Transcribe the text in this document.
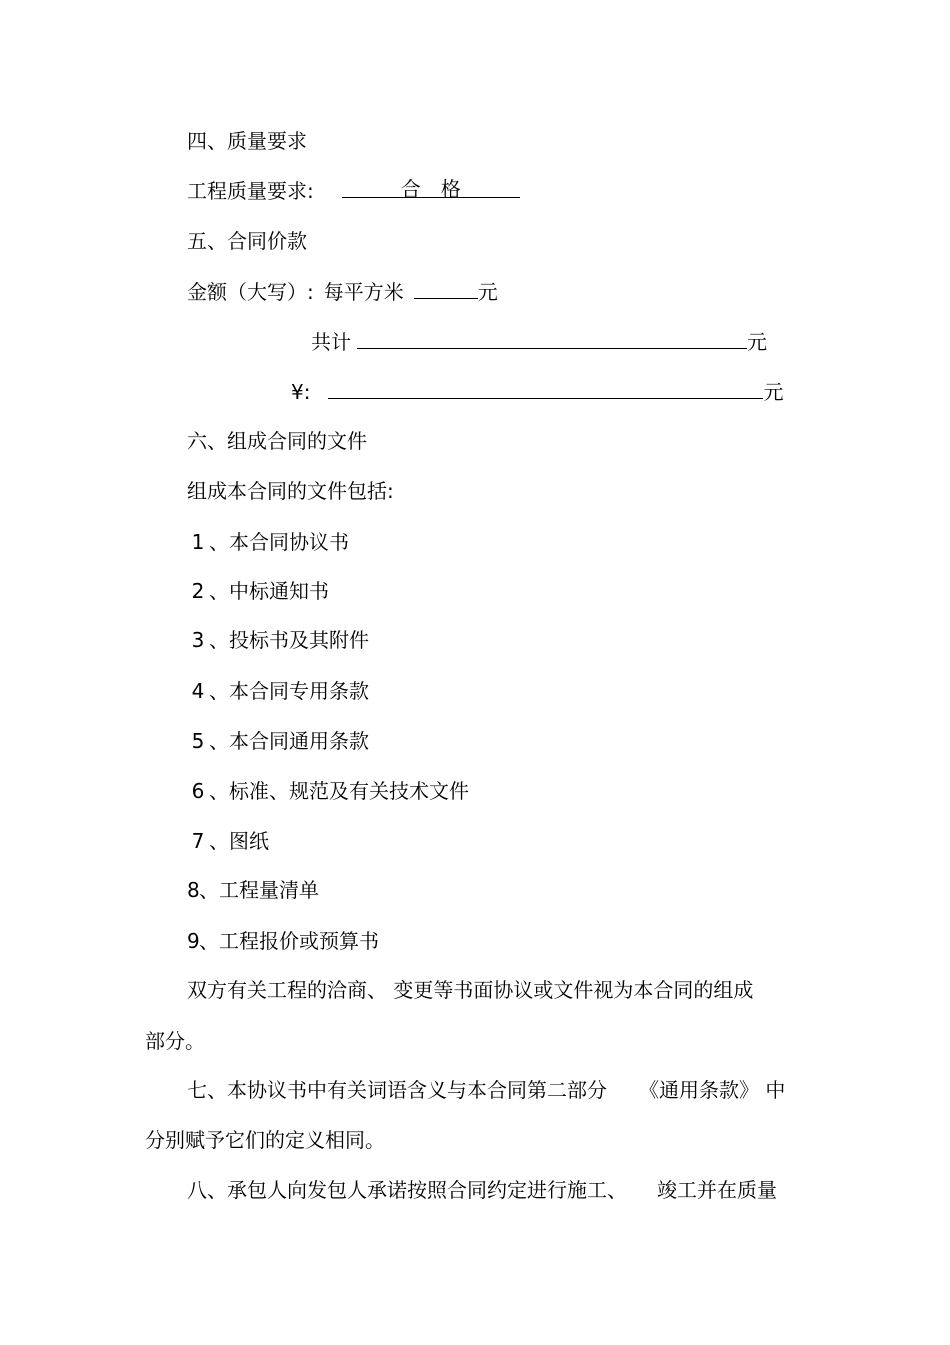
四、质量要求
工程质量要求:	合　格
五、合同价款
金额（大写）: 每平方米	元
共计	元
¥:	元
六、组成合同的文件
组成本合同的文件包括:
1 、本合同协议书
2 、中标通知书
3 、投标书及其附件
4 、本合同专用条款
5 、本合同通用条款
6 、标准、规范及有关技术文件
7 、图纸
8、工程量清单
9、工程报价或预算书
双方有关工程的洽商、 变更等书面协议或文件视为本合同的组成
部分。
七、本协议书中有关词语含义与本合同第二部分 《通用条款》 中
分别赋予它们的定义相同。
八、承包人向发包人承诺按照合同约定进行施工、 竣工并在质量
